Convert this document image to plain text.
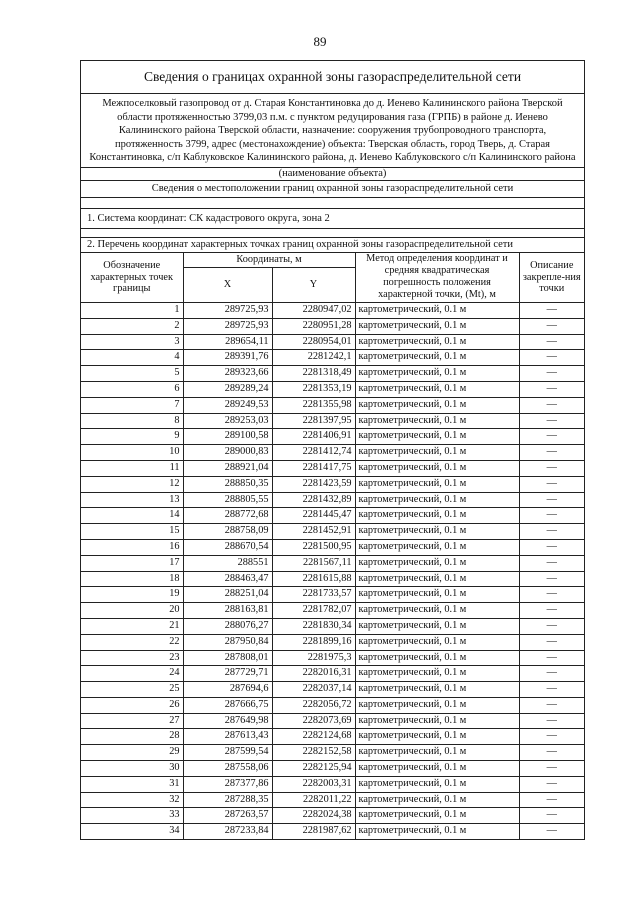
89
Сведения о границах охранной зоны газораспределительной сети
Межпоселковый газопровод от д. Старая Константиновка до д. Иенево Калининского района Тверской области протяженностью 3799,03 п.м. с пунктом редуцирования газа (ГРПБ) в районе д. Иенево Калининского района Тверской области, назначение: сооружения трубопроводного транспорта, протяженность 3799, адрес (местонахождение) объекта: Тверская область, город Тверь, д. Старая Константиновка, с/п Каблуковское Калининского района, д. Иенево Каблуковского с/п Калининского района
(наименование объекта)
Сведения о местоположении границ охранной зоны газораспределительной сети
1. Система координат: СК кадастрового округа, зона 2
2. Перечень координат характерных точках границ охранной зоны газораспределительной сети
Обозначение характерных точек границы	Координаты, м		Метод определения координат и средняя квадратическая погрешность положения характерной точки, (Mt), м	Описание закрепле-ния точки
	X	Y		
1	289725,93	2280947,02	картометрический, 0.1 м	—
2	289725,93	2280951,28	картометрический, 0.1 м	—
3	289654,11	2280954,01	картометрический, 0.1 м	—
4	289391,76	2281242,1	картометрический, 0.1 м	—
5	289323,66	2281318,49	картометрический, 0.1 м	—
6	289289,24	2281353,19	картометрический, 0.1 м	—
7	289249,53	2281355,98	картометрический, 0.1 м	—
8	289253,03	2281397,95	картометрический, 0.1 м	—
9	289100,58	2281406,91	картометрический, 0.1 м	—
10	289000,83	2281412,74	картометрический, 0.1 м	—
11	288921,04	2281417,75	картометрический, 0.1 м	—
12	288850,35	2281423,59	картометрический, 0.1 м	—
13	288805,55	2281432,89	картометрический, 0.1 м	—
14	288772,68	2281445,47	картометрический, 0.1 м	—
15	288758,09	2281452,91	картометрический, 0.1 м	—
16	288670,54	2281500,95	картометрический, 0.1 м	—
17	288551	2281567,11	картометрический, 0.1 м	—
18	288463,47	2281615,88	картометрический, 0.1 м	—
19	288251,04	2281733,57	картометрический, 0.1 м	—
20	288163,81	2281782,07	картометрический, 0.1 м	—
21	288076,27	2281830,34	картометрический, 0.1 м	—
22	287950,84	2281899,16	картометрический, 0.1 м	—
23	287808,01	2281975,3	картометрический, 0.1 м	—
24	287729,71	2282016,31	картометрический, 0.1 м	—
25	287694,6	2282037,14	картометрический, 0.1 м	—
26	287666,75	2282056,72	картометрический, 0.1 м	—
27	287649,98	2282073,69	картометрический, 0.1 м	—
28	287613,43	2282124,68	картометрический, 0.1 м	—
29	287599,54	2282152,58	картометрический, 0.1 м	—
30	287558,06	2282125,94	картометрический, 0.1 м	—
31	287377,86	2282003,31	картометрический, 0.1 м	—
32	287288,35	2282011,22	картометрический, 0.1 м	—
33	287263,57	2282024,38	картометрический, 0.1 м	—
34	287233,84	2281987,62	картометрический, 0.1 м	—
